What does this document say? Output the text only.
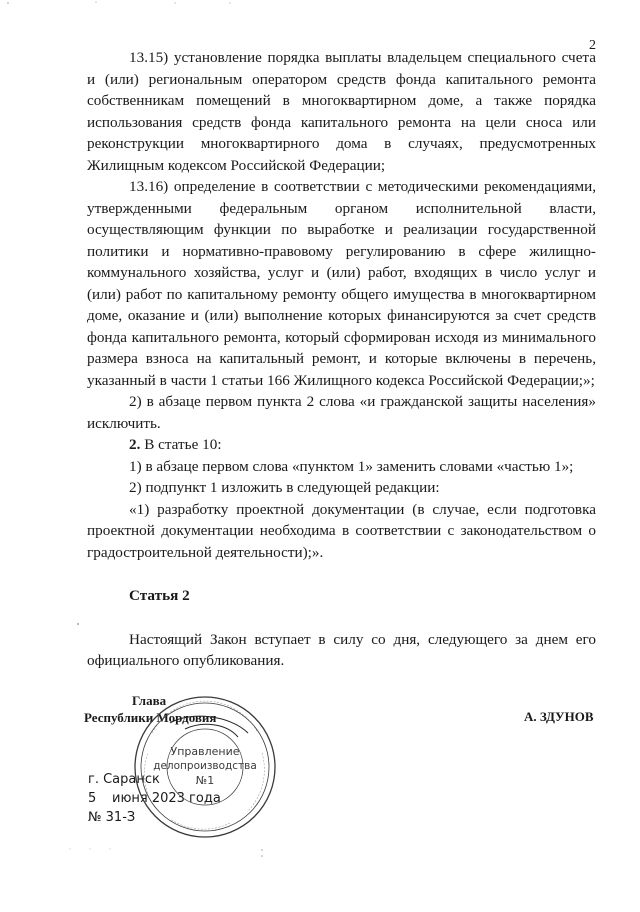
2

13.15) установление порядка выплаты владельцем специального счета и (или) региональным оператором средств фонда капитального ремонта собственникам помещений в многоквартирном доме, а также порядка использования средств фонда капитального ремонта на цели сноса или реконструкции многоквартирного дома в случаях, предусмотренных Жилищным кодексом Российской Федерации;

13.16) определение в соответствии с методическими рекомендациями, утвержденными федеральным органом исполнительной власти, осуществляющим функции по выработке и реализации государственной политики и нормативно-правовому регулированию в сфере жилищно-коммунального хозяйства, услуг и (или) работ, входящих в число услуг и (или) работ по капитальному ремонту общего имущества в многоквартирном доме, оказание и (или) выполнение которых финансируются за счет средств фонда капитального ремонта, который сформирован исходя из минимального размера взноса на капитальный ремонт, и которые включены в перечень, указанный в части 1 статьи 166 Жилищного кодекса Российской Федерации;»;

2) в абзаце первом пункта 2 слова «и гражданской защиты населения» исключить.

2. В статье 10:

1) в абзаце первом слова «пунктом 1» заменить словами «частью 1»;

2) подпункт 1 изложить в следующей редакции:

«1) разработку проектной документации (в случае, если подготовка проектной документации необходима в соответствии с законодательством о градостроительной деятельности);».

Статья 2

Настоящий Закон вступает в силу со дня, следующего за днем его официального опубликования.

Глава
Республики Мордовия	А. ЗДУНОВ
г. Саранск
5 июня 2023 года
№ 31-З
Управление
делопроизводства
№1
